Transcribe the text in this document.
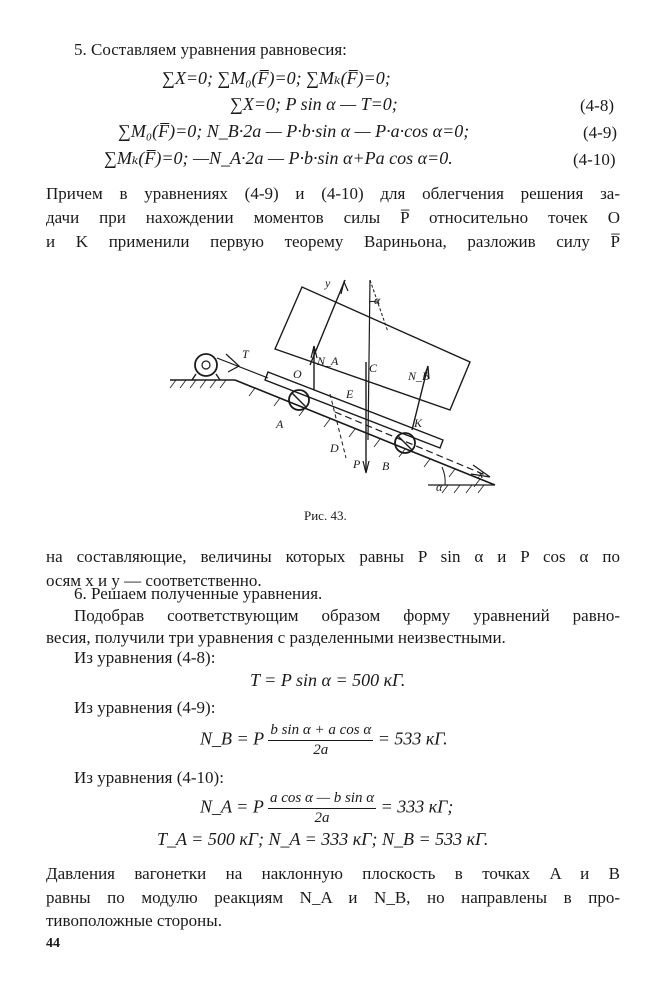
5. Составляем уравнения равновесия:
∑X=0; ∑M₀(F̅)=0; ∑Mₖ(F̅)=0;
∑X=0; P sin α — T=0;	(4-8)
∑M₀(F̅)=0; N_B·2a — P·b·sin α — P·a·cos α=0;	(4-9)
∑Mₖ(F̅)=0; —N_A·2a — P·b·sin α+Pa cos α=0.	(4-10)
Причем в уравнениях (4-9) и (4-10) для облегчения решения за-
дачи при нахождении моментов силы P̅ относительно точек O
и K применили первую теорему Вариньона, разложив силу P̅
y
α
T
O
N_A	C
N_B
E
K
A
D
P B
x
α
Рис. 43.
на составляющие, величины которых равны P sin α и P cos α по
осям x и y — соответственно.
6. Решаем полученные уравнения.
Подобрав соответствующим образом форму уравнений равно-
весия, получили три уравнения с разделенными неизвестными.
Из уравнения (4-8):
T = P sin α = 500 кГ.
Из уравнения (4-9):
N_B = P $\frac{\text{b sin α + a cos α}}{2a} = 533$ кГ.
Из уравнения (4-10):
N_A = P $\frac{\text{a cos α — b sin α}}{2a} = 333$ кГ;
T_A = 500 кГ; N_A = 333 кГ; N_B = 533 кГ.
Давления вагонетки на наклонную плоскость в точках A и B
равны по модулю реакциям N_A и N_B, но направлены в про-
тивоположные стороны.
44
